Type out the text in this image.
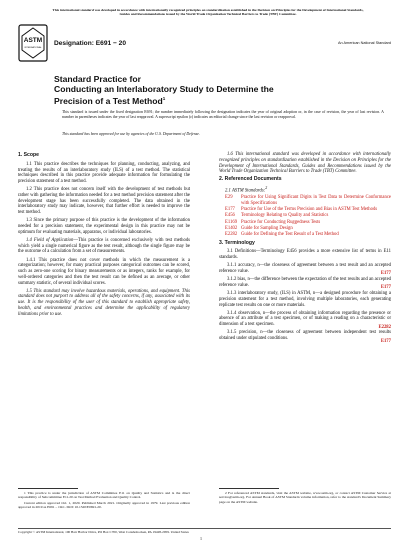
This international standard was developed in accordance with internationally recognized principles on standardization established in the Decision on Principles for the Development of International Standards, Guides and Recommendations issued by the World Trade Organization Technical Barriers to Trade (TBT) Committee.
ASTM
INTERNATIONAL
Designation: E691 − 20	An American National Standard
Standard Practice for
Conducting an Interlaboratory Study to Determine the
Precision of a Test Method$^1$
This standard is issued under the fixed designation E691; the number immediately following the designation indicates the year of original adoption or, in the case of revision, the year of last revision. A number in parentheses indicates the year of last reapproval. A superscript epsilon (ε) indicates an editorial change since the last revision or reapproval.
This standard has been approved for use by agencies of the U.S. Department of Defense.
1. Scope

1.1 This practice describes the techniques for planning, conducting, analyzing, and treating the results of an interlaboratory study (ILS) of a test method. The statistical techniques described in this practice provide adequate information for formulating the precision statement of a test method.

1.2 This practice does not concern itself with the development of test methods but rather with gathering the information needed for a test method precision statement after the development stage has been successfully completed. The data obtained in the interlaboratory study may indicate, however, that further effort is needed to improve the test method.

1.3 Since the primary purpose of this practice is the development of the information needed for a precision statement, the experimental design in this practice may not be optimum for evaluating materials, apparatus, or individual laboratories.

1.4 Field of Application—This practice is concerned exclusively with test methods which yield a single numerical figure as the test result, although the single figure may be the outcome of a calculation from a set of measurements.

1.4.1 This practice does not cover methods in which the measurement is a categorization; however, for many practical purposes categorical outcomes can be scored, such as zero-one scoring for binary measurements or as integers, ranks for example, for well-ordered categories and then the test result can be defined as an average, or other summary statistic, of several individual scores.

1.5 This standard may involve hazardous materials, operations, and equipment. This standard does not purport to address all of the safety concerns, if any, associated with its use. It is the responsibility of the user of this standard to establish appropriate safety, health, and environmental practices and determine the applicability of regulatory limitations prior to use.

1.6 This international standard was developed in accordance with internationally recognized principles on standardization established in the Decision on Principles for the Development of International Standards, Guides and Recommendations issued by the World Trade Organization Technical Barriers to Trade (TBT) Committee.

2. Referenced Documents
2.1 ASTM Standards:$^2$
E29	Practice for Using Significant Digits in Test Data to Determine Conformance with Specifications
E177	Practice for Use of the Terms Precision and Bias in ASTM Test Methods
E456	Terminology Relating to Quality and Statistics
E1169 Practice for Conducting Ruggedness Tests
E1402 Guide for Sampling Design
E2282 Guide for Defining the Test Result of a Test Method
3. Terminology

3.1 Definitions—Terminology E456 provides a more extensive list of terms in E11 standards.

3.1.1 accuracy, n—the closeness of agreement between a test result and an accepted reference value.	E177

3.1.2 bias, n—the difference between the expectation of the test results and an accepted reference value.	E177

3.1.3 interlaboratory study, (ILS) in ASTM, n—a designed procedure for obtaining a precision statement for a test method, involving multiple laboratories, each generating replicate test results on one or more materials.

3.1.4 observation, n—the process of obtaining information regarding the presence or absence of an attribute of a test specimen, or of making a reading on a characteristic or dimension of a test specimen.	E2282

3.1.5 precision, n—the closeness of agreement between independent test results obtained under stipulated conditions.	E177

1 This practice is under the jurisdiction of ASTM Committee E11 on Quality and Statistics and is the direct responsibility of Subcommittee E11.20 on Test Method Evaluation and Quality Control.

Current edition approved Oct. 1, 2020. Published March 2021. Originally approved in 1979. Last previous edition approved in 2019 as E691 – 19ε1. DOI: 10.1520/E0691-20.

2 For referenced ASTM standards, visit the ASTM website, www.astm.org, or contact ASTM Customer Service at service@astm.org. For Annual Book of ASTM Standards volume information, refer to the standard's Document Summary page on the ASTM website.

Copyright © ASTM International, 100 Barr Harbor Drive, PO Box C700, West Conshohocken, PA 19428-2959. United States
1
